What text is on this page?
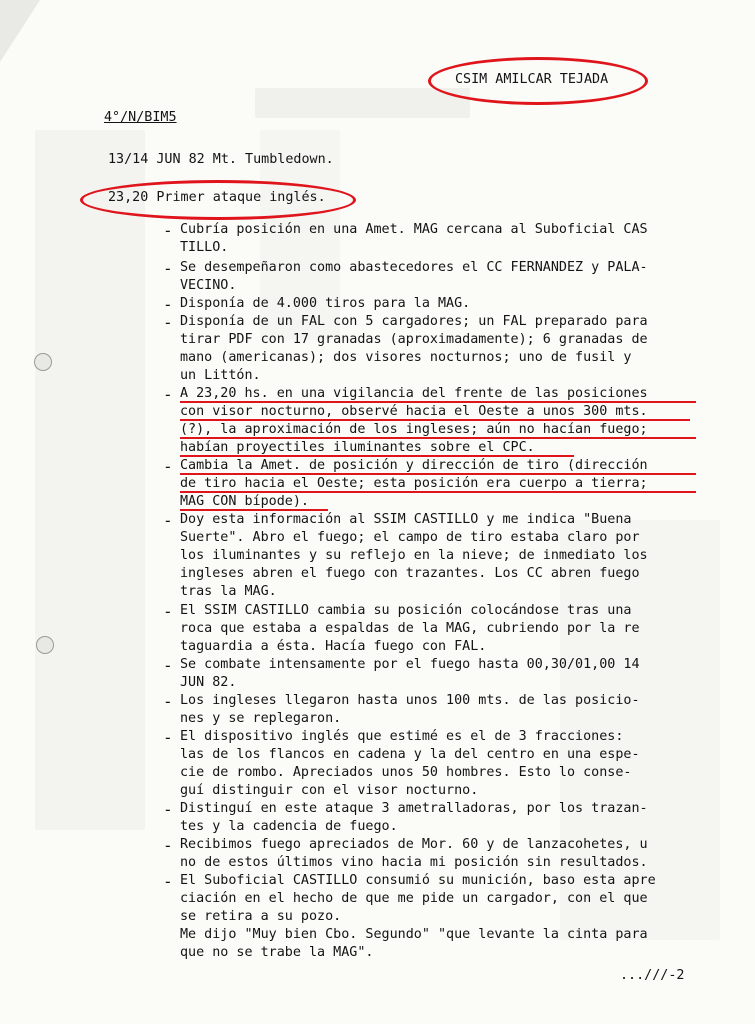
CSIM AMILCAR TEJADA
4°/N/BIM5
13/14 JUN 82 Mt. Tumbledown.
23,20 Primer ataque inglés.
- Cubría posición en una Amet. MAG cercana al Suboficial CAS
TILLO.
- Se desempeñaron como abastecedores el CC FERNANDEZ y PALA-
VECINO.
- Disponía de 4.000 tiros para la MAG.
- Disponía de un FAL con 5 cargadores; un FAL preparado para
tirar PDF con 17 granadas (aproximadamente); 6 granadas de
mano (americanas); dos visores nocturnos; uno de fusil y
un Littón.
- A 23,20 hs. en una vigilancia del frente de las posiciones
con visor nocturno, observé hacia el Oeste a unos 300 mts.
(?), la aproximación de los ingleses; aún no hacían fuego;
habían proyectiles iluminantes sobre el CPC.
- Cambia la Amet. de posición y dirección de tiro (dirección
de tiro hacia el Oeste; esta posición era cuerpo a tierra;
MAG CON bípode).
- Doy esta información al SSIM CASTILLO y me indica "Buena
Suerte". Abro el fuego; el campo de tiro estaba claro por
los iluminantes y su reflejo en la nieve; de inmediato los
ingleses abren el fuego con trazantes. Los CC abren fuego
tras la MAG.
- El SSIM CASTILLO cambia su posición colocándose tras una
roca que estaba a espaldas de la MAG, cubriendo por la re
taguardia a ésta. Hacía fuego con FAL.
- Se combate intensamente por el fuego hasta 00,30/01,00 14
JUN 82.
- Los ingleses llegaron hasta unos 100 mts. de las posicio-
nes y se replegaron.
- El dispositivo inglés que estimé es el de 3 fracciones:
las de los flancos en cadena y la del centro en una espe-
cie de rombo. Apreciados unos 50 hombres. Esto lo conse-
guí distinguir con el visor nocturno.
- Distinguí en este ataque 3 ametralladoras, por los trazan-
tes y la cadencia de fuego.
- Recibimos fuego apreciados de Mor. 60 y de lanzacohetes, u
no de estos últimos vino hacia mi posición sin resultados.
- El Suboficial CASTILLO consumió su munición, baso esta apre
ciación en el hecho de que me pide un cargador, con el que
se retira a su pozo.
Me dijo "Muy bien Cbo. Segundo" "que levante la cinta para
que no se trabe la MAG".
...///-2
